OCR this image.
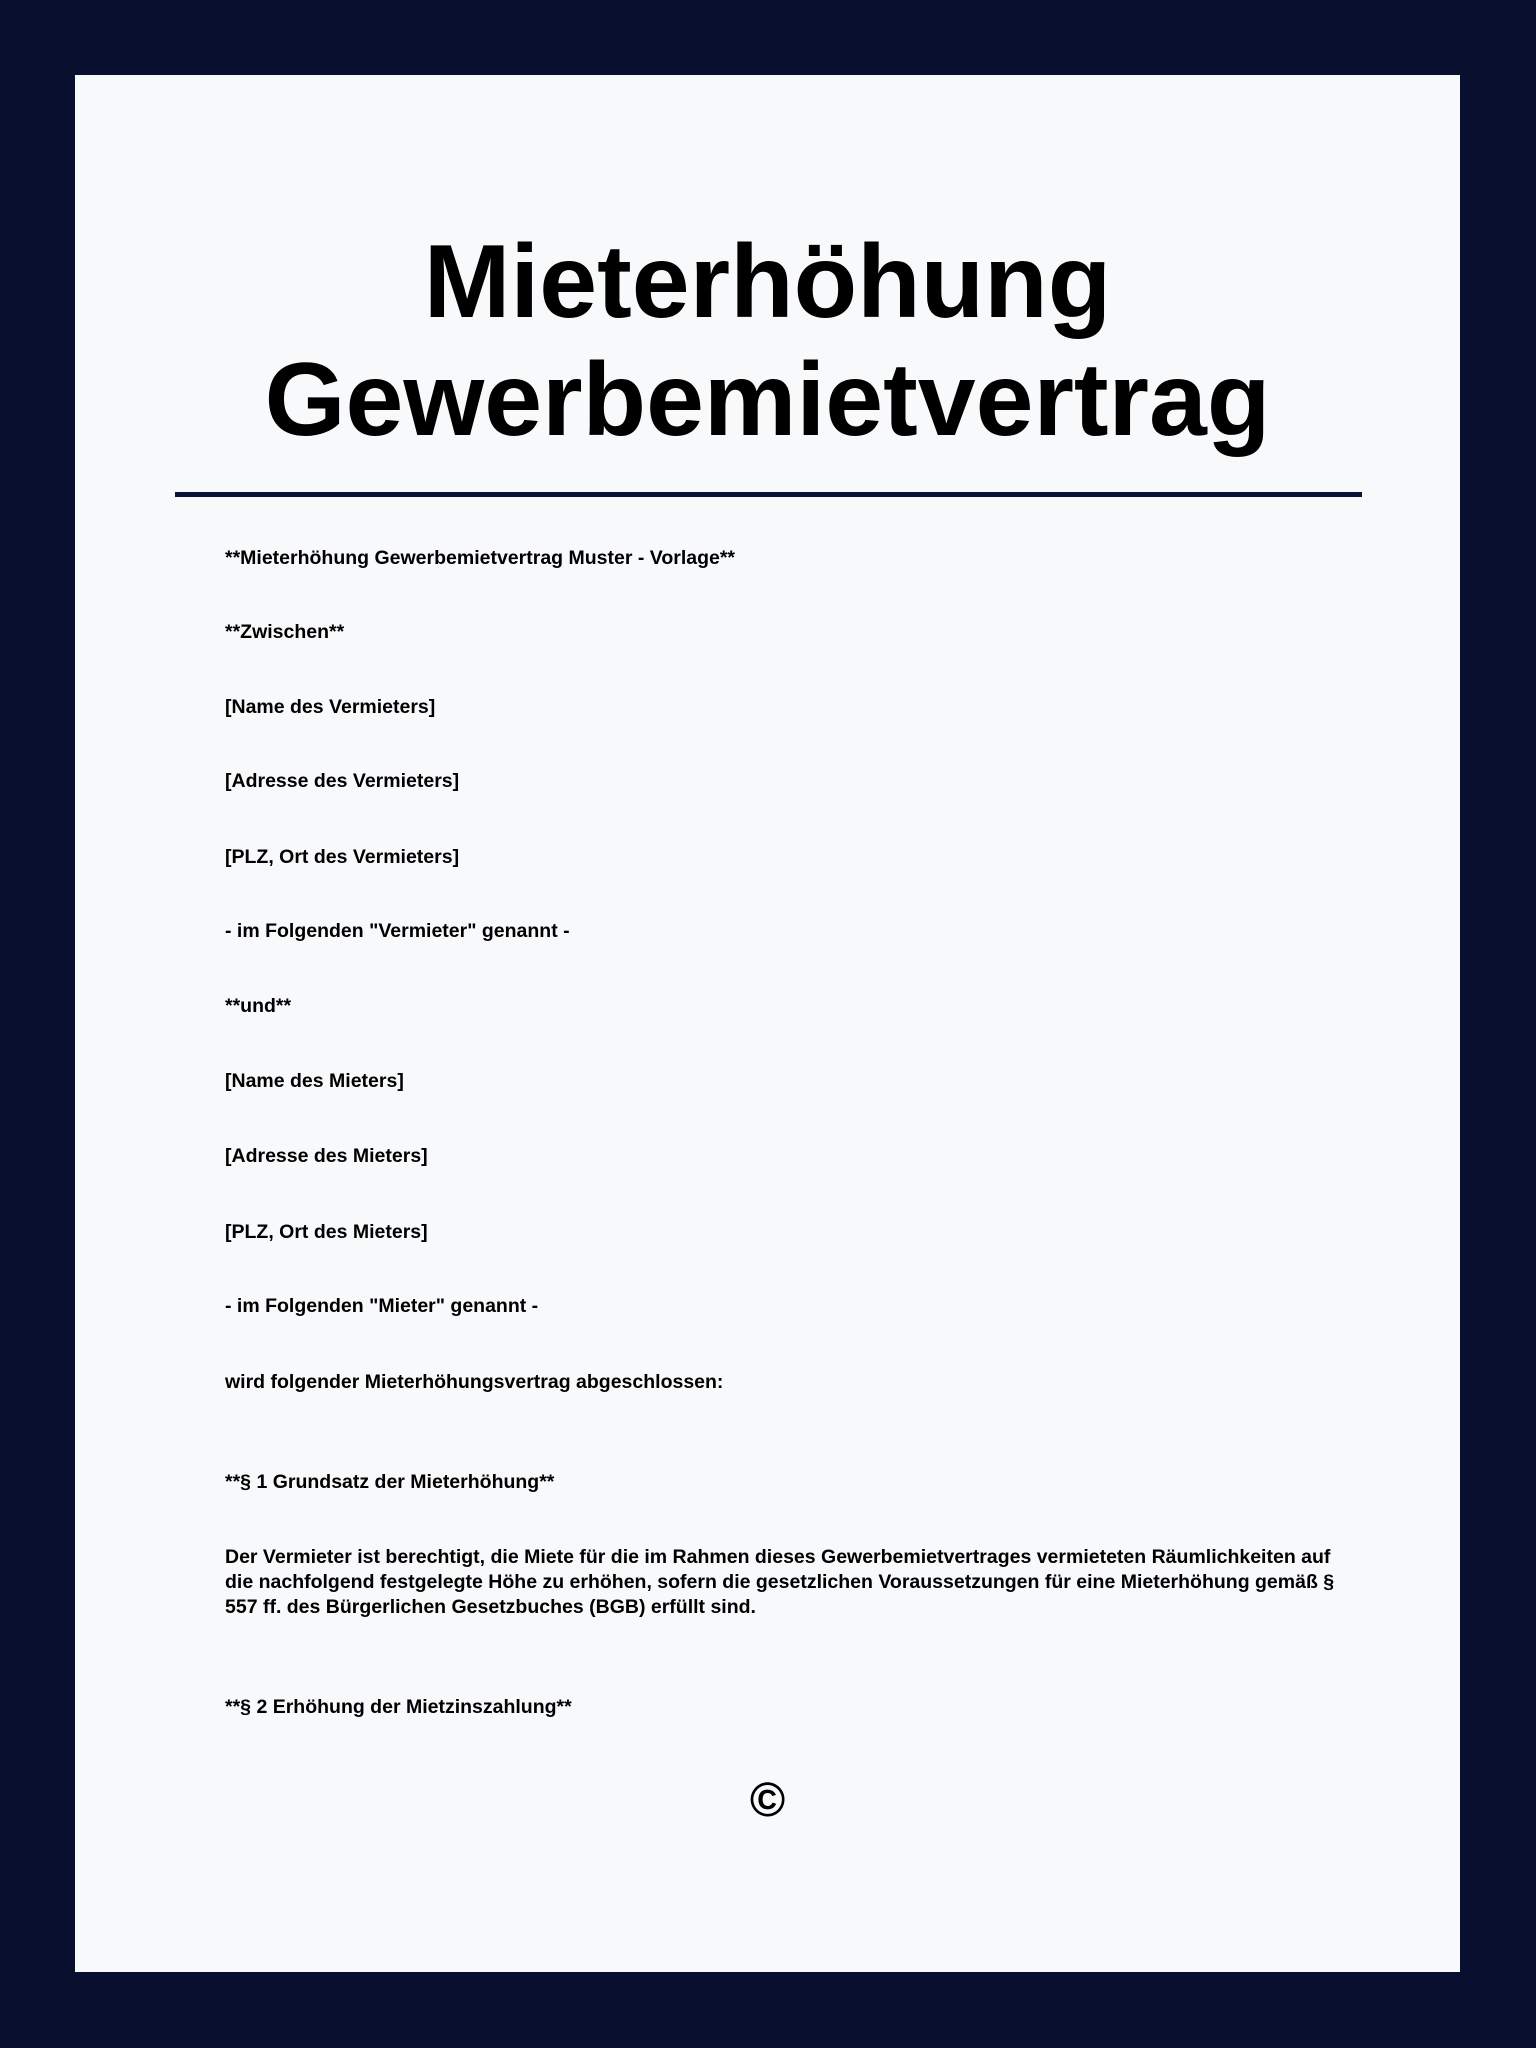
Mieterhöhung
Gewerbemietvertrag

**Mieterhöhung Gewerbemietvertrag Muster - Vorlage**

**Zwischen**

[Name des Vermieters]

[Adresse des Vermieters]

[PLZ, Ort des Vermieters]

- im Folgenden "Vermieter" genannt -

**und**

[Name des Mieters]

[Adresse des Mieters]

[PLZ, Ort des Mieters]

- im Folgenden "Mieter" genannt -

wird folgender Mieterhöhungsvertrag abgeschlossen:

**§ 1 Grundsatz der Mieterhöhung**

Der Vermieter ist berechtigt, die Miete für die im Rahmen dieses Gewerbemietvertrages vermieteten Räumlichkeiten auf die nachfolgend festgelegte Höhe zu erhöhen, sofern die gesetzlichen Voraussetzungen für eine Mieterhöhung gemäß § 557 ff. des Bürgerlichen Gesetzbuches (BGB) erfüllt sind.

**§ 2 Erhöhung der Mietzinszahlung**

©
